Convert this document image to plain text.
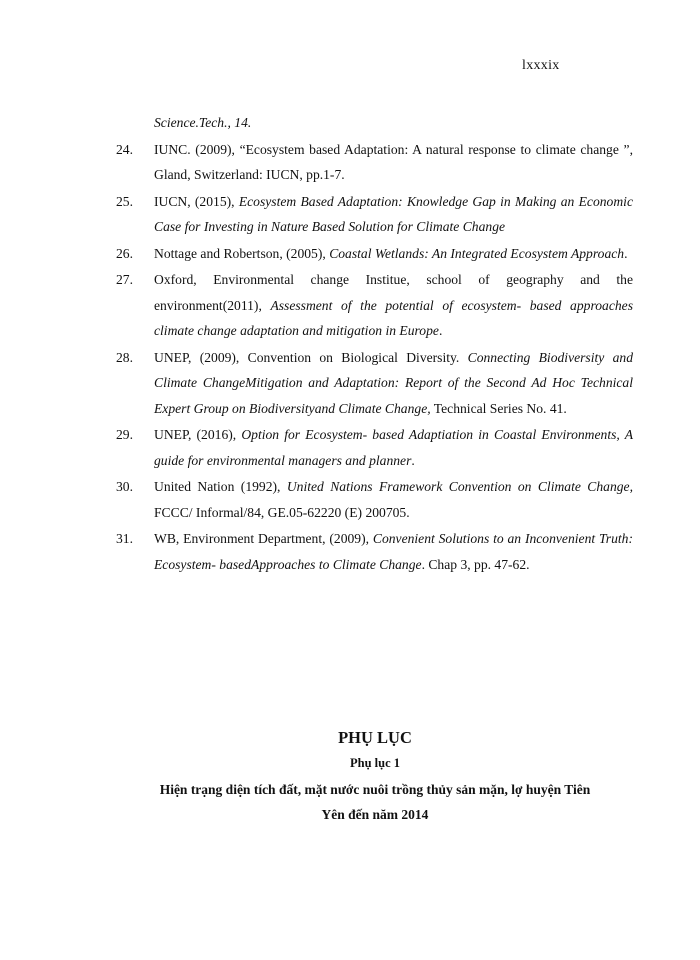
lxxxix
Science.Tech., 14.
24. IUNC. (2009), “Ecosystem based Adaptation: A natural response to climate change ”, Gland, Switzerland: IUCN, pp.1-7.
25. IUCN, (2015), Ecosystem Based Adaptation: Knowledge Gap in Making an Economic Case for Investing in Nature Based Solution for Climate Change
26. Nottage and Robertson, (2005), Coastal Wetlands: An Integrated Ecosystem Approach.
27. Oxford, Environmental change Institue, school of geography and the environment(2011), Assessment of the potential of ecosystem- based approaches climate change adaptation and mitigation in Europe.
28. UNEP, (2009), Convention on Biological Diversity. Connecting Biodiversity and Climate ChangeMitigation and Adaptation: Report of the Second Ad Hoc Technical Expert Group on Biodiversityand Climate Change, Technical Series No. 41.
29. UNEP, (2016), Option for Ecosystem- based Adaptiation in Coastal Environments, A guide for environmental managers and planner.
30. United Nation (1992), United Nations Framework Convention on Climate Change, FCCC/ Informal/84, GE.05-62220 (E) 200705.
31. WB, Environment Department, (2009), Convenient Solutions to an Inconvenient Truth: Ecosystem- basedApproaches to Climate Change. Chap 3, pp. 47-62.
PHỤ LỤC
Phụ lục 1
Hiện trạng diện tích đất, mặt nước nuôi trồng thủy sản mặn, lợ huyện Tiên
Yên đến năm 2014
